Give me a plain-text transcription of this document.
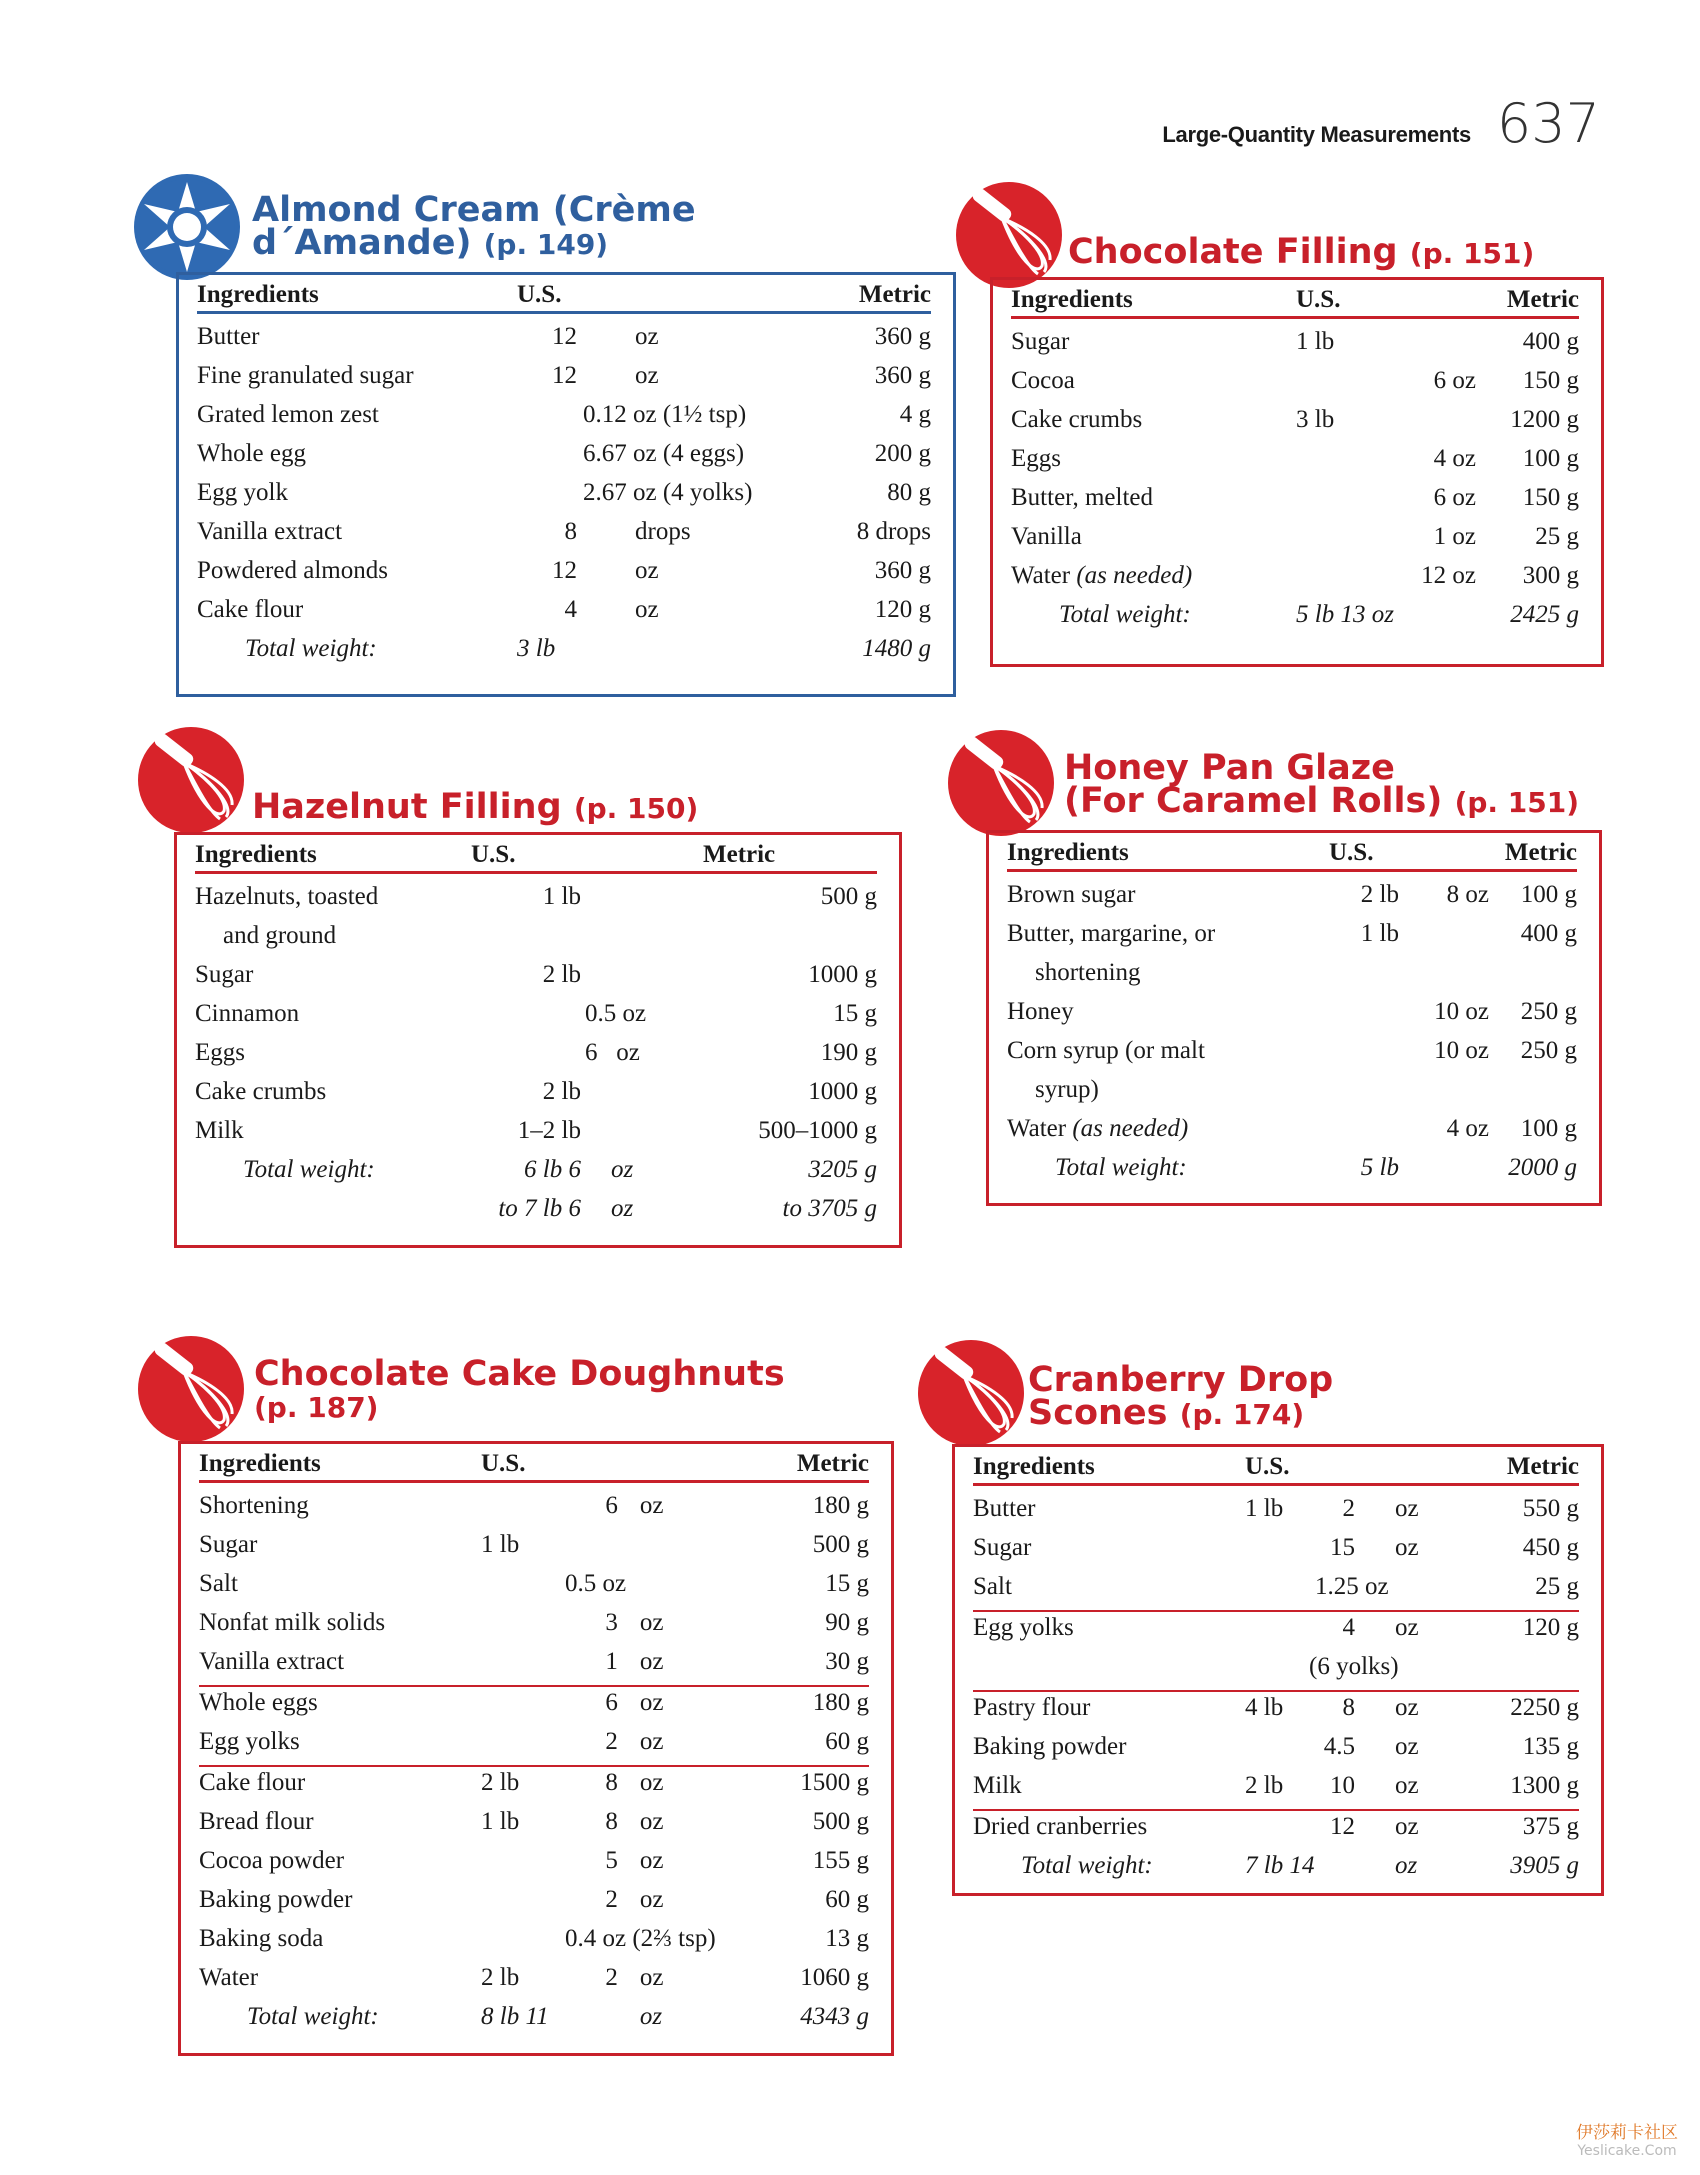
Large-Quantity Measurements 637
Almond Cream (Crème
d´Amande) (p. 149)
Ingredients	U.S.		Metric
Butter	12	oz	360 g
Fine granulated sugar	12	oz	360 g
Grated lemon zest	0.12 oz (1½ tsp)		4 g
Whole egg	6.67 oz (4 eggs)		200 g
Egg yolk	2.67 oz (4 yolks)		80 g
Vanilla extract	8	drops	8 drops
Powdered almonds	12	oz	360 g
Cake flour	4	oz	120 g
Total weight:	3 lb		1480 g
Chocolate Filling (p. 151)
Ingredients	U.S.		Metric
Sugar	1 lb		400 g
Cocoa		6 oz	150 g
Cake crumbs	3 lb		1200 g
Eggs		4 oz	100 g
Butter, melted		6 oz	150 g
Vanilla		1 oz	25 g
Water (as needed)		12 oz	300 g
Total weight:	5 lb 13 oz		2425 g
Hazelnut Filling (p. 150)
Ingredients	U.S.		Metric
Hazelnuts, toasted	1 lb		500 g
and ground			
Sugar	2 lb		1000 g
Cinnamon		0.5 oz	15 g
Eggs		6   oz	190 g
Cake crumbs	2 lb		1000 g
Milk	1–2 lb		500–1000 g
Total weight:	6 lb 6	oz	3205 g
	to 7 lb 6	oz	to 3705 g
Honey Pan Glaze
(For Caramel Rolls) (p. 151)
Ingredients	U.S.		Metric
Brown sugar	2 lb	8 oz	100 g
Butter, margarine, or	1 lb		400 g
shortening			
Honey		10 oz	250 g
Corn syrup (or malt		10 oz	250 g
syrup)			
Water (as needed)		4 oz	100 g
Total weight:	5 lb		2000 g
Chocolate Cake Doughnuts
(p. 187)
Ingredients	U.S.			Metric
Shortening		6	oz	180 g
Sugar	1 lb			500 g
Salt		0.5 oz		15 g
Nonfat milk solids		3	oz	90 g
Vanilla extract		1	oz	30 g
Whole eggs		6	oz	180 g
Egg yolks		2	oz	60 g
Cake flour	2 lb	8	oz	1500 g
Bread flour	1 lb	8	oz	500 g
Cocoa powder		5	oz	155 g
Baking powder		2	oz	60 g
Baking soda		0.4 oz (2⅔ tsp)		13 g
Water	2 lb	2	oz	1060 g
Total weight:	8 lb 11		oz	4343 g
Cranberry Drop
Scones (p. 174)
Ingredients	U.S.			Metric
Butter	1 lb	2	oz	550 g
Sugar		15	oz	450 g
Salt		1.25 oz		25 g
Egg yolks		4	oz	120 g
		(6 yolks)		
Pastry flour	4 lb	8	oz	2250 g
Baking powder		4.5	oz	135 g
Milk	2 lb	10	oz	1300 g
Dried cranberries		12	oz	375 g
Total weight:	7 lb 14		oz	3905 g
伊莎莉卡社区
Yeslicake.Com
